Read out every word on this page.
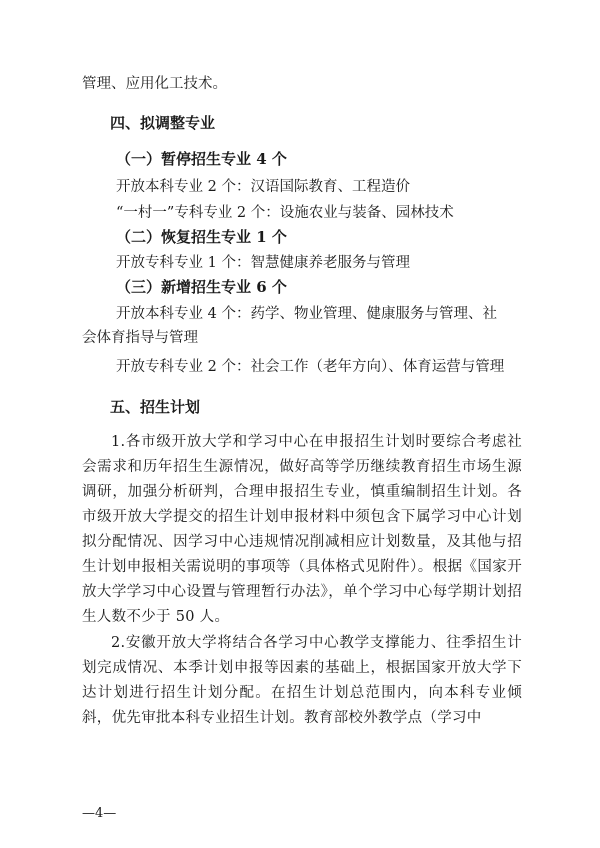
管理、应用化工技术。
四、拟调整专业
（一）暂停招生专业 4 个
开放本科专业 2 个：汉语国际教育、工程造价
“一村一”专科专业 2 个：设施农业与装备、园林技术
（二）恢复招生专业 1 个
开放专科专业 1 个：智慧健康养老服务与管理
（三）新增招生专业 6 个
开放本科专业 4 个：药学、物业管理、健康服务与管理、社
会体育指导与管理
开放专科专业 2 个：社会工作（老年方向）、体育运营与管理
五、招生计划
1.各市级开放大学和学习中心在申报招生计划时要综合考虑社会需求和历年招生生源情况，做好高等学历继续教育招生市场生源调研，加强分析研判，合理申报招生专业，慎重编制招生计划。各市级开放大学提交的招生计划申报材料中须包含下属学习中心计划拟分配情况、因学习中心违规情况削减相应计划数量，及其他与招生计划申报相关需说明的事项等（具体格式见附件）。根据《国家开放大学学习中心设置与管理暂行办法》，单个学习中心每学期计划招生人数不少于 50 人。
2.安徽开放大学将结合各学习中心教学支撑能力、往季招生计划完成情况、本季计划申报等因素的基础上，根据国家开放大学下达计划进行招生计划分配。在招生计划总范围内，向本科专业倾斜，优先审批本科专业招生计划。教育部校外教学点（学习中
—4—
